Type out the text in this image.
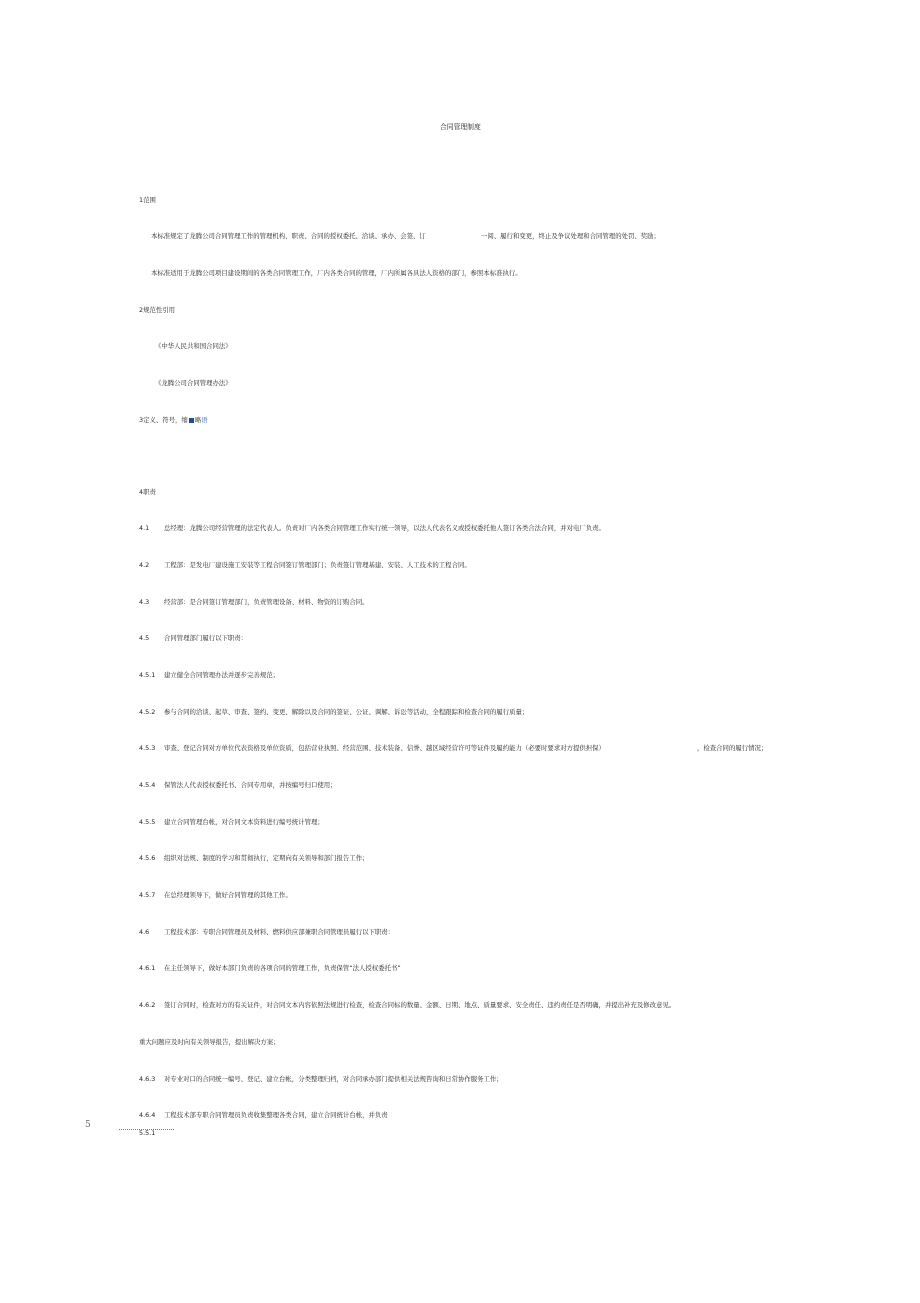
合同管理制度
1范围
本标准规定了龙腾公司合同管理工作的管理机构、职责、合同的授权委托、洽谈、承办、会签、订	一阅、履行和变更，终止及争议处理和合同管理的处罚、奖励；
本标准适用于龙腾公司项目建设期间的各类合同管理工作，厂内各类合同的管理，厂内所属各具法人资格的部门，参照本标准执行。
2规范性引用
《中华人民共和国合同法》
《龙腾公司合同管理办法》
3定义、符号，缩 略语
4职责
4.1 总经理：龙腾公司经营管理的法定代表人。负责对厂内各类合同管理工作实行统一领导，以法人代表名义或授权委托他人签订各类合法合同，并对电厂负责。
4.2 工程部：是发电厂建设施工安装等工程合同签订管理部门；负责签订管理基建、安装、人工技术的工程合同。
4.3 经营部：是合同签订管理部门，负责管理设备、材料、物资的订购合同。
4.5 合同管理部门履行以下职责：
4.5.1 建立健全合同管理办法并逐步完善规范；
4.5.2 参与合同的洽谈、起草、审查、签约、变更、解除以及合同的签证、公证、调解、诉讼等活动，全程跟踪和检查合同的履行质量；
4.5.3 审查、登记合同对方单位代表资格及单位资质，包括营业执照、经营范围、技术装备、信誉、越区域经营许可等证件及履约能力（必要时要求对方提供担保）	，检查合同的履行情况；
4.5.4 保管法人代表授权委托书、合同专用章，并按编号归口使用；
4.5.5 建立合同管理台帐，对合同文本资料进行编号统计管理；
4.5.6 组织对法规、制度的学习和贯彻执行，定期向有关领导和部门报告工作；
4.5.7 在总经理领导下，做好合同管理的其他工作。
4.6 工程技术部：专职合同管理员及材料、燃料供应部兼职合同管理员履行以下职责：
4.6.1 在主任领导下，做好本部门负责的各项合同的管理工作，负责保管“法人授权委托书”
4.6.2 签订合同时，检查对方的有关证件，对合同文本内容依照法规进行检查，检查合同标的数量、金额、日期、地点、质量要求、安全责任、违约责任是否明确，并提出补充及修改意见。
重大问题应及时向有关领导报告，提出解决方案；
4.6.3 对专业对口的合同统一编号、登记、建立台帐，分类整理归档，对合同承办部门提供相关法规咨询和日常协作服务工作；
4.6.4 工程技术部专职合同管理员负责收集整理各类合同，建立合同统计台帐，并负责
5
5.5.1
